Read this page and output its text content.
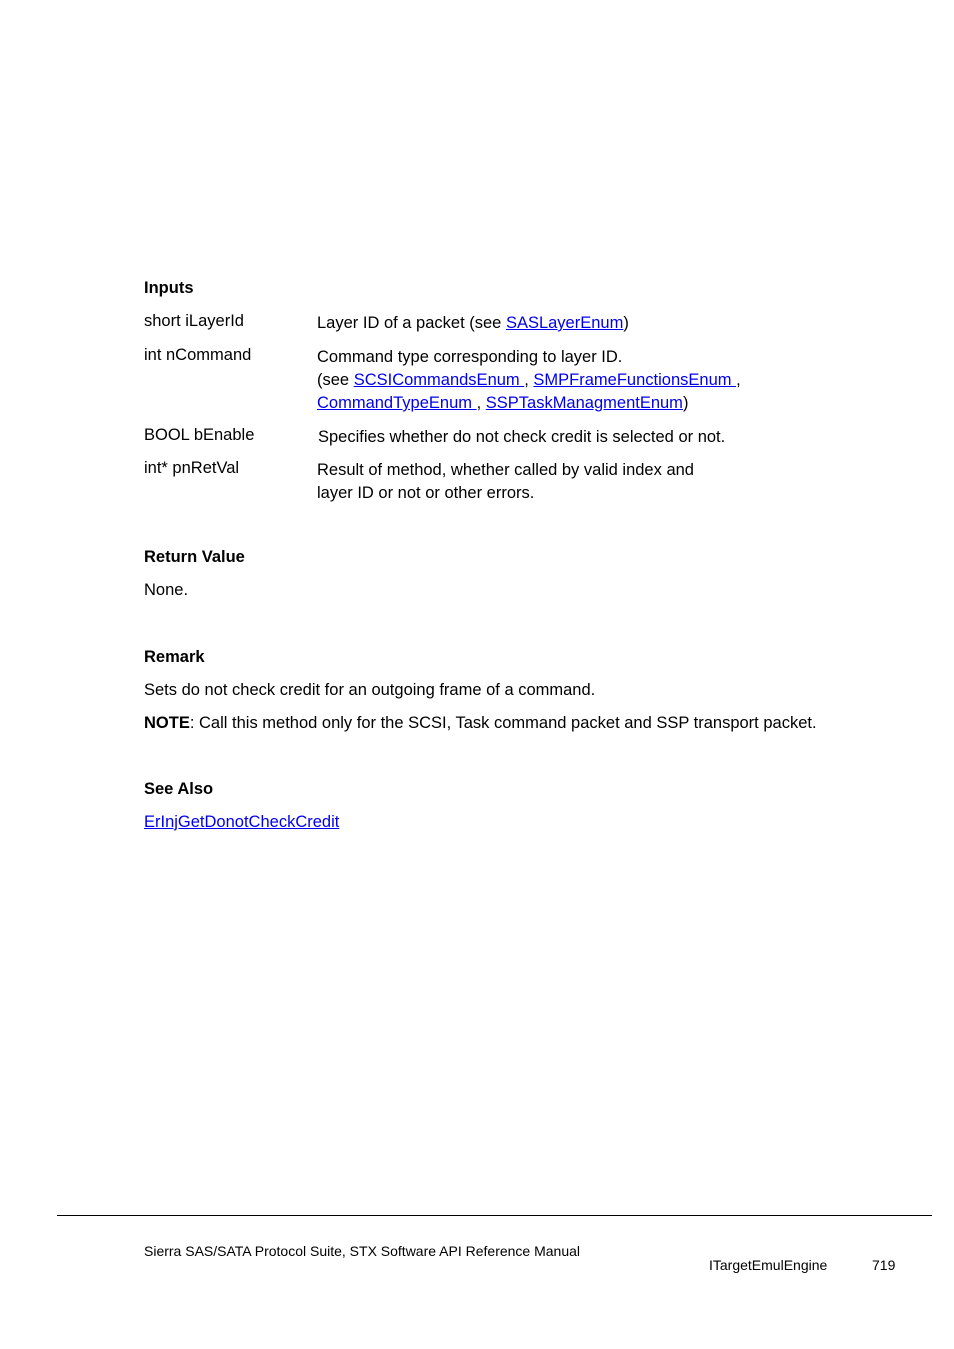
Inputs
short iLayerId	Layer ID of a packet (see SASLayerEnum)
int nCommand	Command type corresponding to layer ID.
(see SCSICommandsEnum , SMPFrameFunctionsEnum ,
CommandTypeEnum , SSPTaskManagmentEnum)
BOOL bEnable	Specifies whether do not check credit is selected or not.
int* pnRetVal	Result of method, whether called by valid index and
layer ID or not or other errors.
Return Value
None.
Remark
Sets do not check credit for an outgoing frame of a command.
NOTE: Call this method only for the SCSI, Task command packet and SSP transport packet.
See Also
ErInjGetDonotCheckCredit
Sierra SAS/SATA Protocol Suite, STX Software API Reference Manual
ITargetEmulEngine	719
